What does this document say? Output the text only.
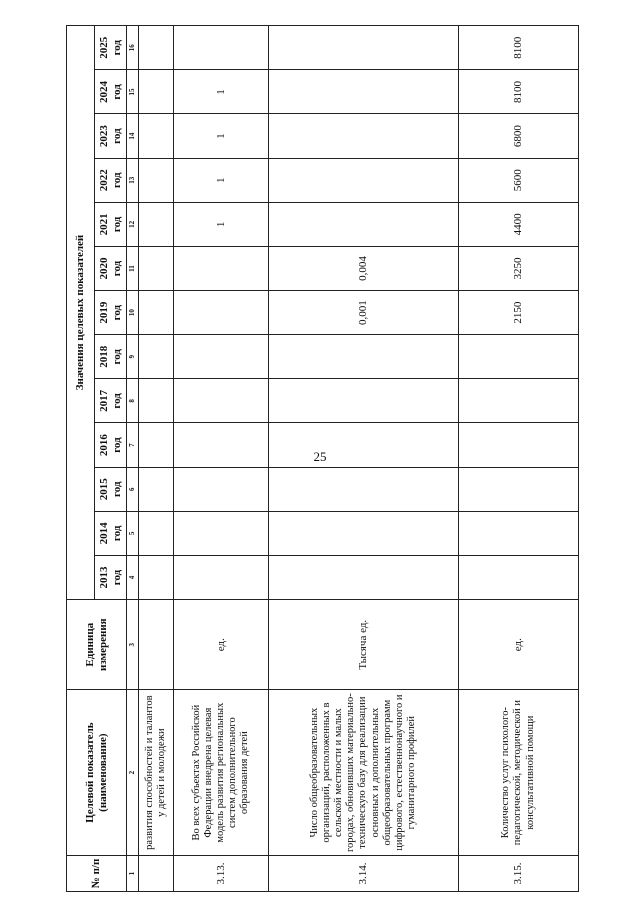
25
№ п/п	Целевой показатель (наименование)	Единица измерения	Значения целевых показателей												
			2013 год	2014 год	2015 год	2016 год	2017 год	2018 год	2019 год	2020 год	2021 год	2022 год	2023 год	2024 год	2025 год
1	2	3	4	5	6	7	8	9	10	11	12	13	14	15	16
	развития способностей и талантов у детей и молодежи														
3.13.	Во всех субъектах Российской Федерации внедрена целевая модель развития региональных систем дополнительного образования детей	ед.									1	1	1	1	
3.14.	Число общеобразовательных организаций, расположенных в сельской местности и малых городах, обновивших материально-техническую базу для реализации основных и дополнительных общеобразовательных программ цифрового, естественнонаучного и гуманитарного профилей	Тысяча ед.							0,001	0,004					
3.15.	Количество услуг психолого-педагогической, методической и консультативной помощи	ед.							2150	3250	4400	5600	6800	8100	8100
